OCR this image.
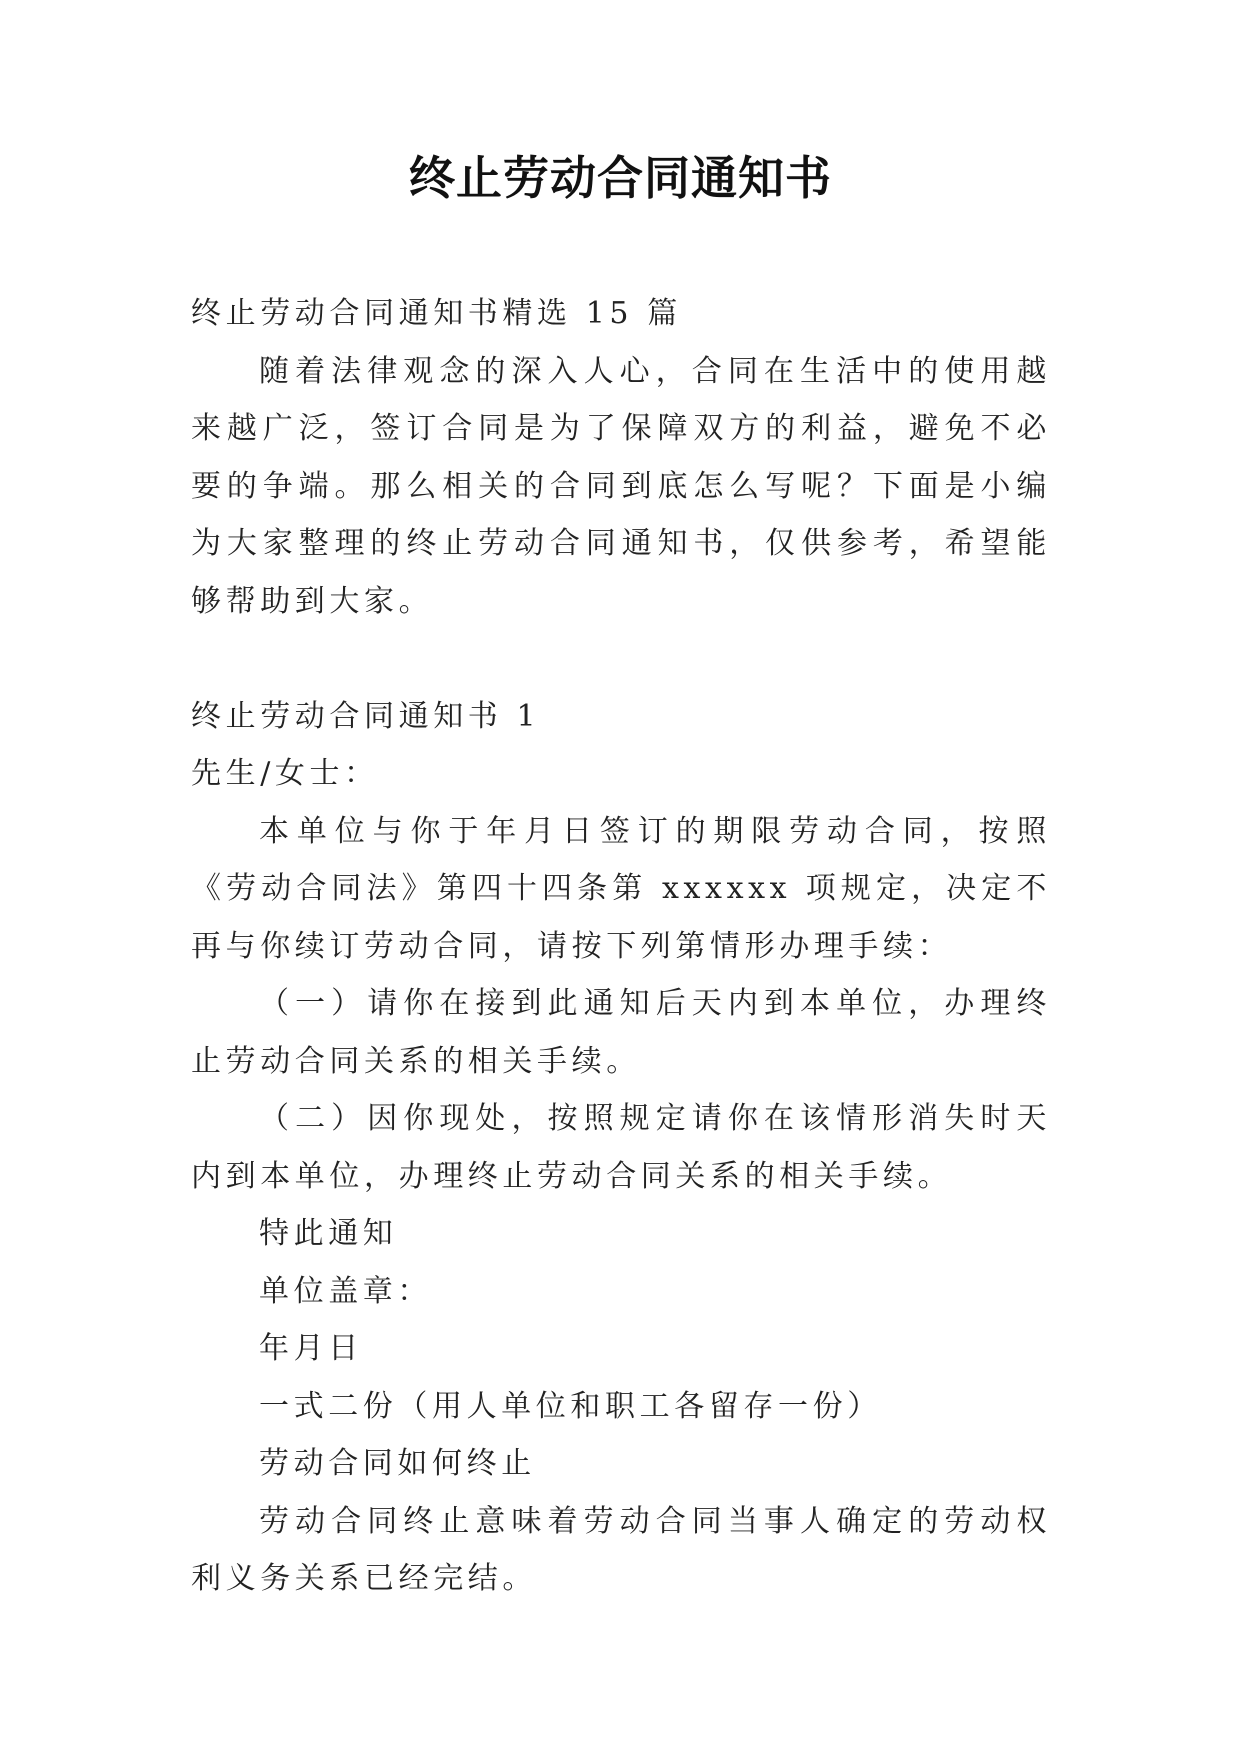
终止劳动合同通知书

终止劳动合同通知书精选 15 篇

随着法律观念的深入人心，合同在生活中的使用越来越广泛，签订合同是为了保障双方的利益，避免不必要的争端。那么相关的合同到底怎么写呢？下面是小编为大家整理的终止劳动合同通知书，仅供参考，希望能够帮助到大家。

终止劳动合同通知书 1

先生/女士：

本单位与你于年月日签订的期限劳动合同，按照《劳动合同法》第四十四条第 xxxxxx 项规定，决定不再与你续订劳动合同，请按下列第情形办理手续：

（一）请你在接到此通知后天内到本单位，办理终止劳动合同关系的相关手续。

（二）因你现处，按照规定请你在该情形消失时天内到本单位，办理终止劳动合同关系的相关手续。

特此通知

单位盖章：

年月日

一式二份（用人单位和职工各留存一份）

劳动合同如何终止

劳动合同终止意味着劳动合同当事人确定的劳动权利义务关系已经完结。
